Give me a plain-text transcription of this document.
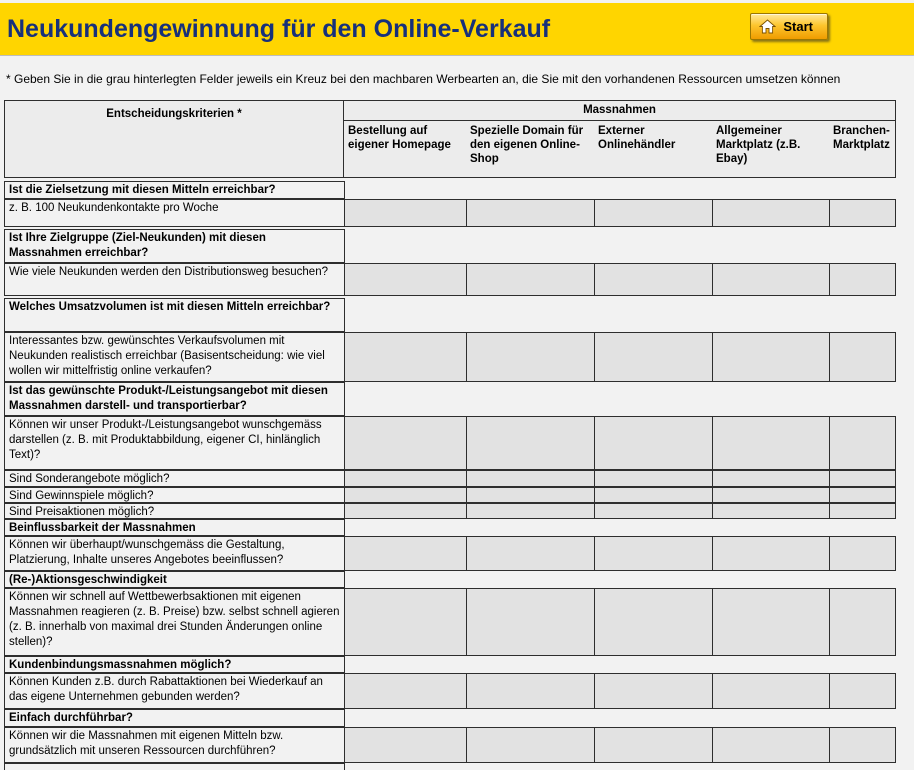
Neukundengewinnung für den Online-Verkauf	Start

* Geben Sie in die grau hinterlegten Felder jeweils ein Kreuz bei den machbaren Werbearten an, die Sie mit den vorhandenen Ressourcen umsetzen können

Entscheidungskriterien *	Massnahmen
Bestellung auf eigener Homepage
Spezielle Domain für den eigenen Online-Shop
Externer Onlinehändler
Allgemeiner Marktplatz (z.B. Ebay)
Branchen-Marktplatz
Ist die Zielsetzung mit diesen Mitteln erreichbar?
z. B. 100 Neukundenkontakte pro Woche
Ist Ihre Zielgruppe (Ziel-Neukunden) mit diesen Massnahmen erreichbar?
Wie viele Neukunden werden den Distributionsweg besuchen?
Welches Umsatzvolumen ist mit diesen Mitteln erreichbar?
Interessantes bzw. gewünschtes Verkaufsvolumen mit Neukunden realistisch erreichbar (Basisentscheidung: wie viel wollen wir mittelfristig online verkaufen?
Ist das gewünschte Produkt-/Leistungsangebot mit diesen Massnahmen darstell- und transportierbar?
Können wir unser Produkt-/Leistungsangebot wunschgemäss darstellen (z. B. mit Produktabbildung, eigener CI, hinlänglich Text)?
Sind Sonderangebote möglich?
Sind Gewinnspiele möglich?
Sind Preisaktionen möglich?
Beinflussbarkeit der Massnahmen
Können wir überhaupt/wunschgemäss die Gestaltung, Platzierung, Inhalte unseres Angebotes beeinflussen?
(Re-)Aktionsgeschwindigkeit
Können wir schnell auf Wettbewerbsaktionen mit eigenen Massnahmen reagieren (z. B. Preise) bzw. selbst schnell agieren (z. B. innerhalb von maximal drei Stunden Änderungen online stellen)?
Kundenbindungsmassnahmen möglich?
Können Kunden z.B. durch Rabattaktionen bei Wiederkauf an das eigene Unternehmen gebunden werden?
Einfach durchführbar?
Können wir die Massnahmen mit eigenen Mitteln bzw. grundsätzlich mit unseren Ressourcen durchführen?
